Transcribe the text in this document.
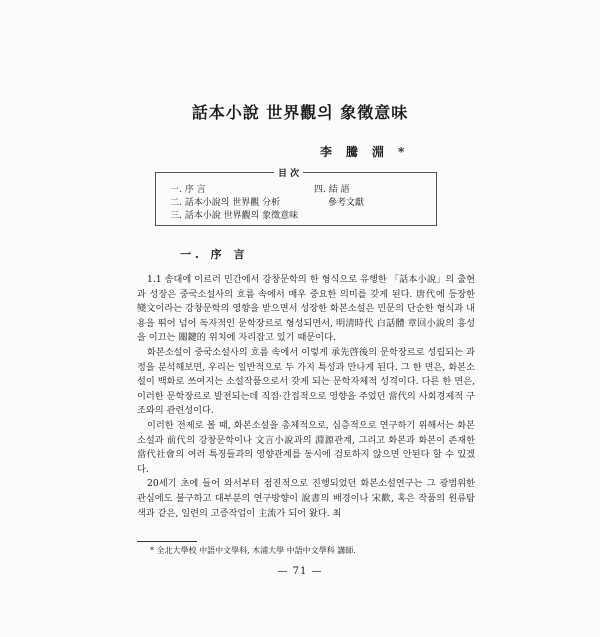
話本小說 世界觀의 象徵意味
李騰淵*
目 次
一. 序 言
二. 話本小說의 世界觀 分析
三. 話本小說 世界觀의 象徵意味
四. 結 語
參考文獻
一. 序 言

1.1 송대에 이르러 민간에서 강창문학의 한 형식으로 유행한 「話本小說」의 출현과 성장은 중국소설사의 흐름 속에서 매우 중요한 의미를 갖게 된다. 唐代에 등장한 變文이라는 강창문학의 영향을 받으면서 성장한 화본소설은 민문의 단순한 형식과 내용을 뛰어 넘어 독자적인 문학장르로 형성되면서, 明淸時代 白話體 章回小說의 흥성을 이끄는 關鍵的 위치에 자리잡고 있기 때문이다.

화본소설이 중국소설사의 흐름 속에서 이렇게 承先啓後의 문학장르로 성립되는 과정을 분석해보면, 우리는 일반적으로 두 가지 특성과 만나게 된다. 그 한 면은, 화본소설이 백화로 쓰여지는 소설작품으로서 갖게 되는 문학자체적 성격이다. 다른 한 면은, 이러한 문학장르로 발전되는데 직접·간접적으로 영향을 주었던 當代의 사회경제적 구조와의 관련성이다.

이러한 전제로 볼 때, 화본소설을 총체적으로, 심층적으로 연구하기 위해서는 화본소설과 前代의 강창문학이나 文言小說과의 淵源관계, 그리고 화본과 화본이 존재한 當代社會의 여러 특징들과의 영향관계를 동시에 검토하지 않으면 안된다 할 수 있겠다.

20세기 초에 들어 와서부터 점진적으로 진행되었던 화본소설연구는 그 광범위한 관심에도 불구하고 대부분의 연구방향이 說書의 배경이나 宋歡, 혹은 작품의 원류탐색과 같은, 일련의 고증작업이 主流가 되어 왔다. 최

* 全北大學校 中語中文學科, 木浦大學 中語中文學科 講師.
— 71 —
